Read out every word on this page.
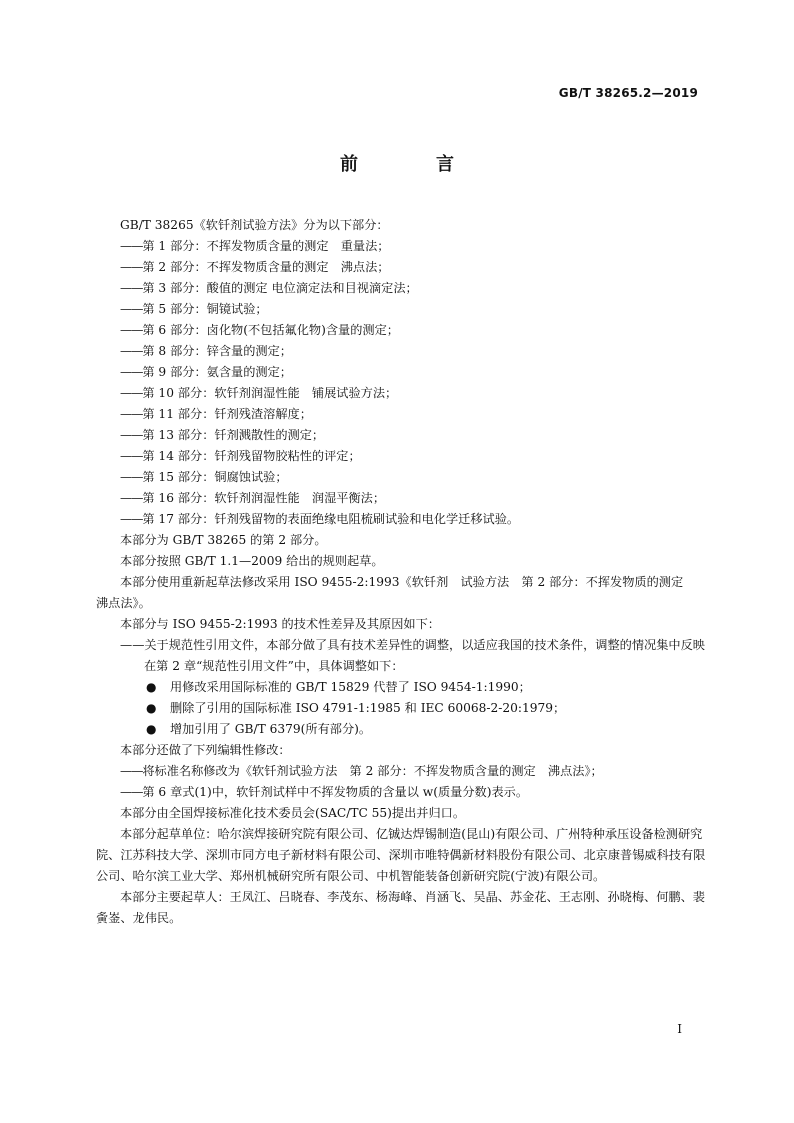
GB/T 38265.2—2019
前　言

GB/T 38265《软钎剂试验方法》分为以下部分：

——第 1 部分：不挥发物质含量的测定　重量法；

——第 2 部分：不挥发物质含量的测定　沸点法；

——第 3 部分：酸值的测定 电位滴定法和目视滴定法；

——第 5 部分：铜镜试验；

——第 6 部分：卤化物(不包括氟化物)含量的测定；

——第 8 部分：锌含量的测定；

——第 9 部分：氨含量的测定；

——第 10 部分：软钎剂润湿性能　铺展试验方法；

——第 11 部分：钎剂残渣溶解度；

——第 13 部分：钎剂溅散性的测定；

——第 14 部分：钎剂残留物胶粘性的评定；

——第 15 部分：铜腐蚀试验；

——第 16 部分：软钎剂润湿性能　润湿平衡法；

——第 17 部分：钎剂残留物的表面绝缘电阻梳刷试验和电化学迁移试验。

本部分为 GB/T 38265 的第 2 部分。

本部分按照 GB/T 1.1—2009 给出的规则起草。

本部分使用重新起草法修改采用 ISO 9455-2:1993《软钎剂　试验方法　第 2 部分：不挥发物质的测定　沸点法》。

本部分与 ISO 9455-2:1993 的技术性差异及其原因如下：

——关于规范性引用文件，本部分做了具有技术差异性的调整，以适应我国的技术条件，调整的情况集中反映在第 2 章“规范性引用文件”中，具体调整如下：

● 用修改采用国际标准的 GB/T 15829 代替了 ISO 9454-1:1990；

● 删除了引用的国际标准 ISO 4791-1:1985 和 IEC 60068-2-20:1979；

● 增加引用了 GB/T 6379(所有部分)。

本部分还做了下列编辑性修改：

——将标准名称修改为《软钎剂试验方法　第 2 部分：不挥发物质含量的测定　沸点法》；

——第 6 章式(1)中，软钎剂试样中不挥发物质的含量以 w(质量分数)表示。

本部分由全国焊接标准化技术委员会(SAC/TC 55)提出并归口。

本部分起草单位：哈尔滨焊接研究院有限公司、亿铖达焊锡制造(昆山)有限公司、广州特种承压设备检测研究院、江苏科技大学、深圳市同方电子新材料有限公司、深圳市唯特偶新材料股份有限公司、北京康普锡威科技有限公司、哈尔滨工业大学、郑州机械研究所有限公司、中机智能装备创新研究院(宁波)有限公司。

本部分主要起草人：王凤江、吕晓春、李茂东、杨海峰、肖涵飞、吴晶、苏金花、王志刚、孙晓梅、何鹏、裴夤崟、龙伟民。

I
